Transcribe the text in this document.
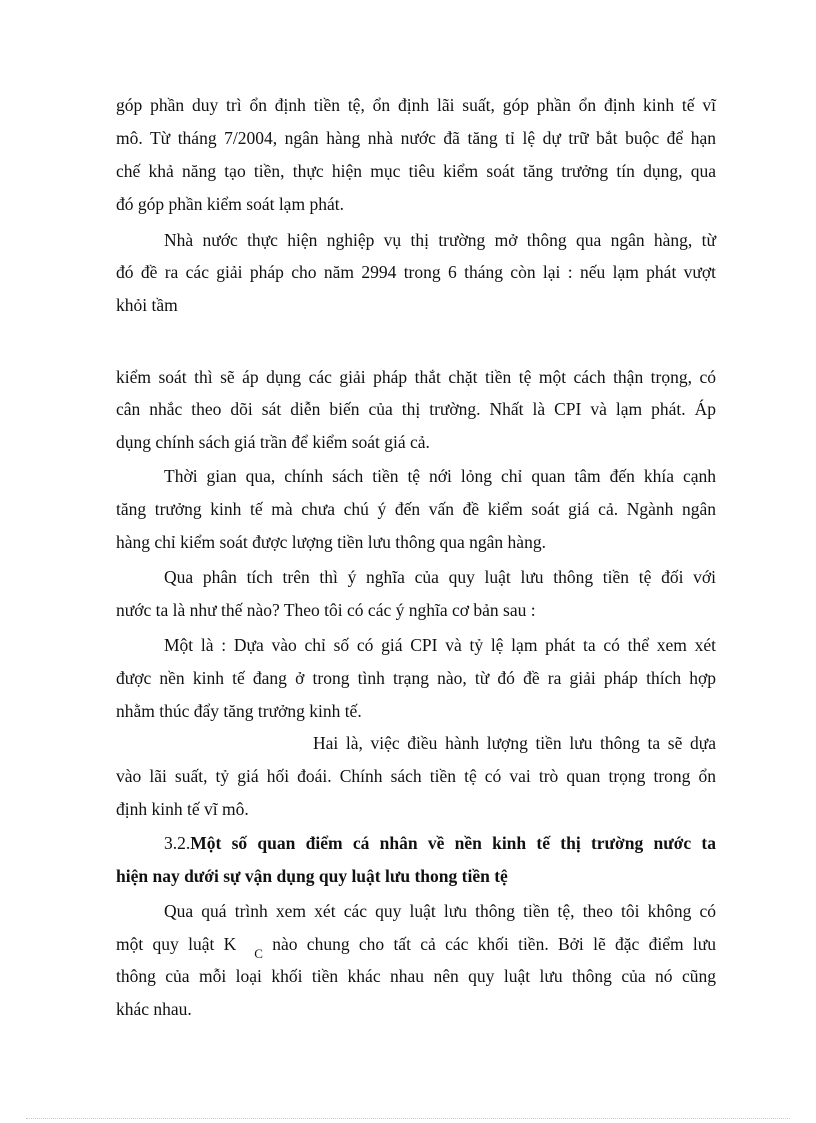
góp phần duy trì ổn định tiền tệ, ổn định lãi suất, góp phần ổn định kinh tế vĩ
mô. Từ tháng 7/2004, ngân hàng nhà nước đã tăng tỉ lệ dự trữ bắt buộc để hạn
chế khả năng tạo tiền, thực hiện mục tiêu kiểm soát tăng trưởng tín dụng, qua
đó góp phần kiểm soát lạm phát.
Nhà nước thực hiện nghiệp vụ thị trường mở thông qua ngân hàng, từ
đó đề ra các giải pháp cho năm 2994 trong 6 tháng còn lại : nếu lạm phát vượt
khỏi tầm
kiểm soát thì sẽ áp dụng các giải pháp thắt chặt tiền tệ một cách thận trọng, có
cân nhắc theo dõi sát diễn biến của thị trường. Nhất là CPI và lạm phát. Áp
dụng chính sách giá trần để kiểm soát giá cả.
Thời gian qua, chính sách tiền tệ nới lỏng chỉ quan tâm đến khía cạnh
tăng trưởng kinh tế mà chưa chú ý đến vấn đề kiểm soát giá cả. Ngành ngân
hàng chỉ kiểm soát được lượng tiền lưu thông qua ngân hàng.
Qua phân tích trên thì ý nghĩa của quy luật lưu thông tiền tệ đối với
nước ta là như thế nào? Theo tôi có các ý nghĩa cơ bản sau :
Một là : Dựa vào chỉ số có giá CPI và tỷ lệ lạm phát ta có thể xem xét
được nền kinh tế đang ở trong tình trạng nào, từ đó đề ra giải pháp thích hợp
nhằm thúc đẩy tăng trưởng kinh tế.
Hai là, việc điều hành lượng tiền lưu thông ta sẽ dựa
vào lãi suất, tỷ giá hối đoái. Chính sách tiền tệ có vai trò quan trọng trong ổn
định kinh tế vĩ mô.
3.2.Một số quan điểm cá nhân về nền kinh tế thị trường nước ta
hiện nay dưới sự vận dụng quy luật lưu thong tiền tệ
Qua quá trình xem xét các quy luật lưu thông tiền tệ, theo tôi không có
một quy luật K C nào chung cho tất cả các khối tiền. Bởi lẽ đặc điểm lưu
thông của mỗi loại khối tiền khác nhau nên quy luật lưu thông của nó cũng
khác nhau.
